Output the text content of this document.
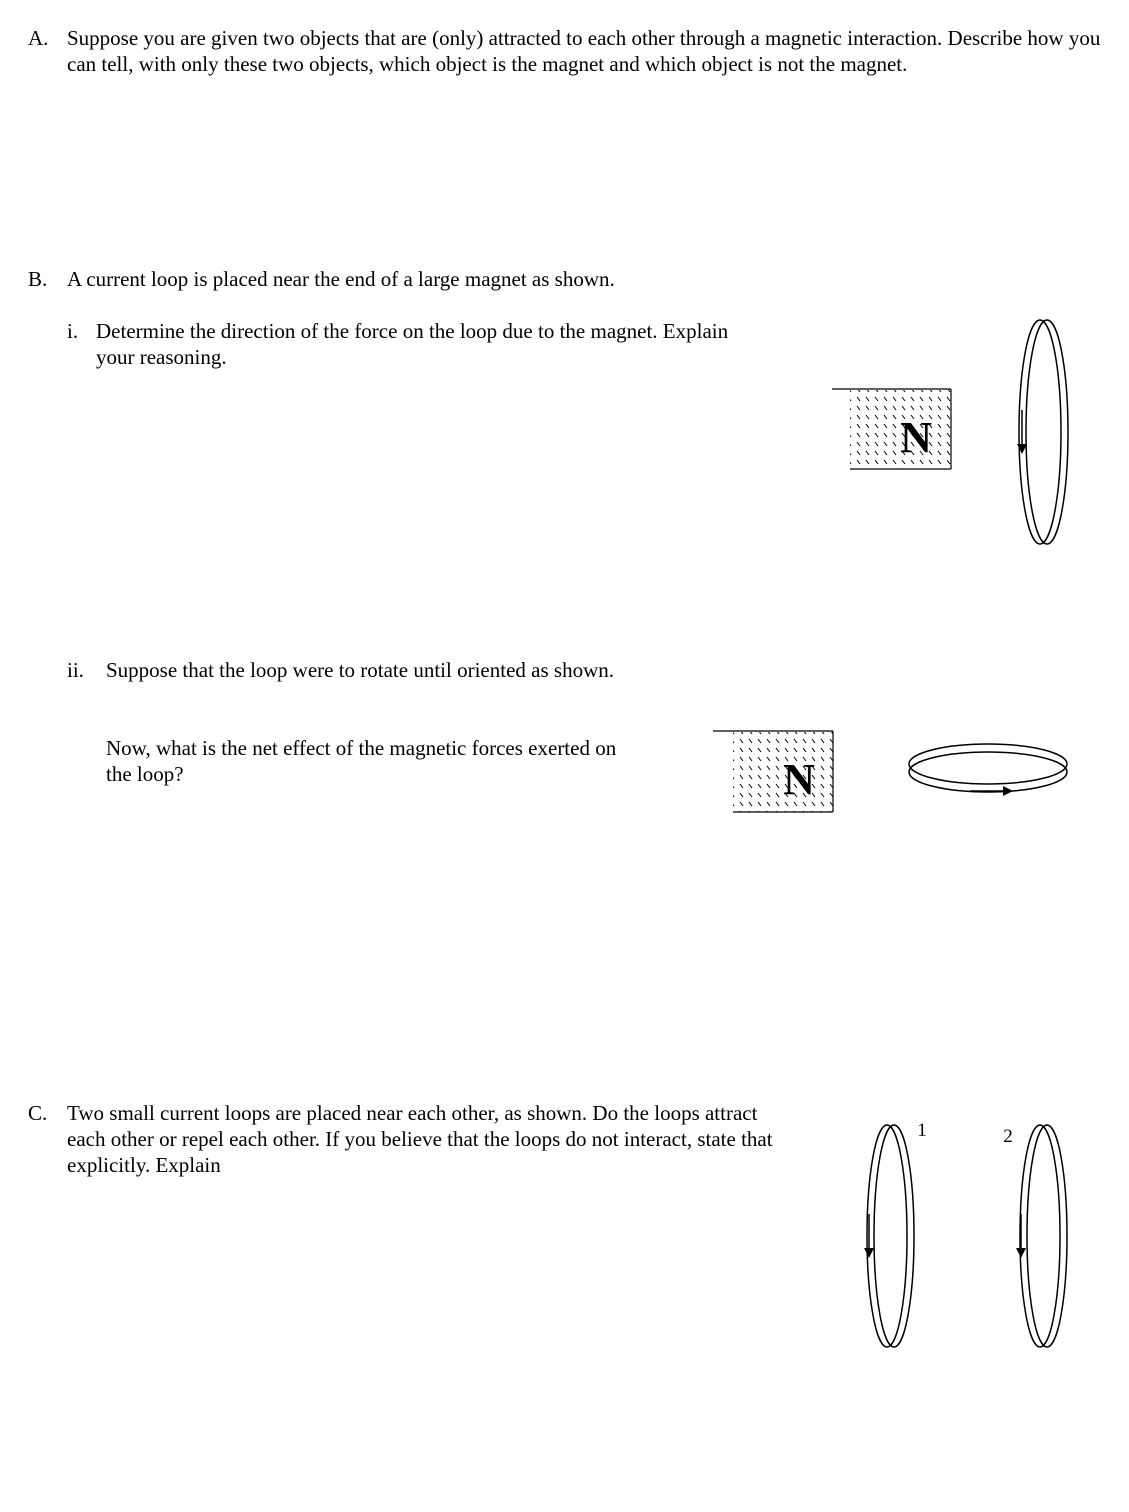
A. Suppose you are given two objects that are (only) attracted to each other through a magnetic interaction. Describe how you can tell, with only these two objects, which object is the magnet and which object is not the magnet.

B. A current loop is placed near the end of a large magnet as shown.

i. Determine the direction of the force on the loop due to the magnet. Explain your reasoning.

ii. Suppose that the loop were to rotate until oriented as shown.

Now, what is the net effect of the magnetic forces exerted on the loop?

C. Two small current loops are placed near each other, as shown. Do the loops attract each other or repel each other. If you believe that the loops do not interact, state that explicitly. Explain

N
N
1	2
